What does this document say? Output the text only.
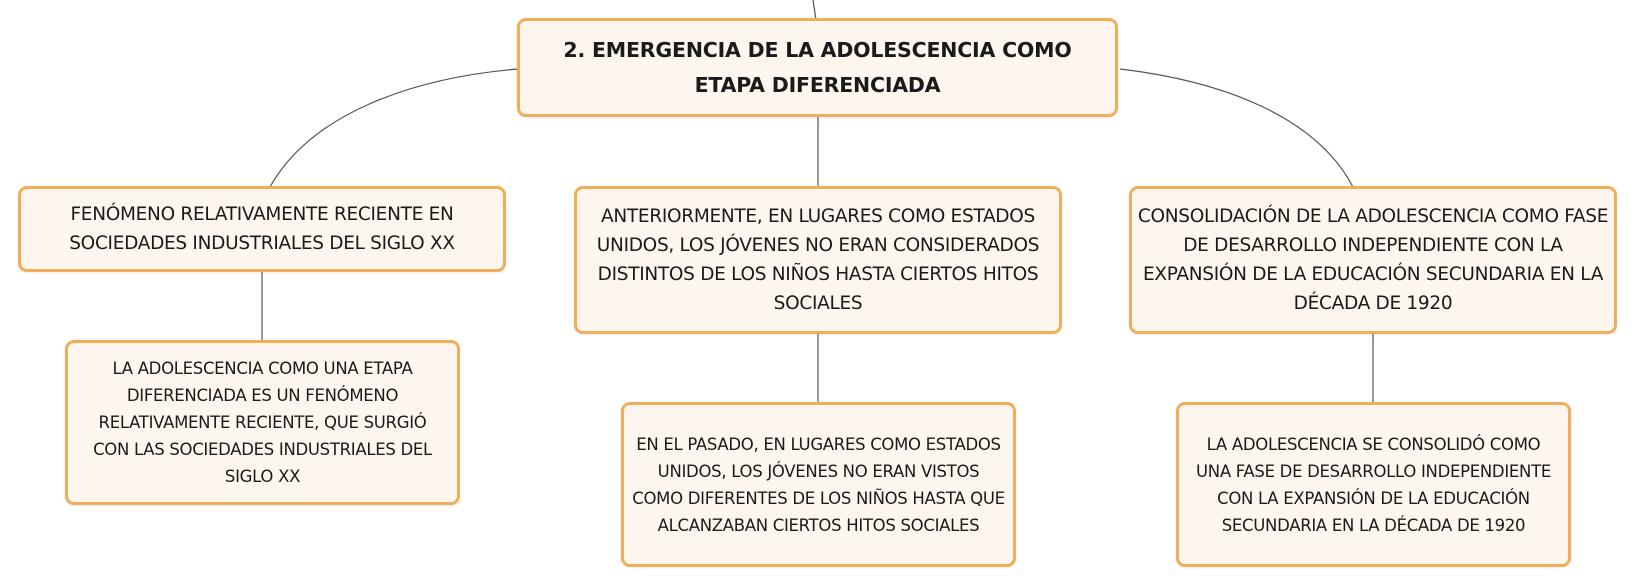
2. EMERGENCIA DE LA ADOLESCENCIA COMO ETAPA DIFERENCIADA
FENÓMENO RELATIVAMENTE RECIENTE EN SOCIEDADES INDUSTRIALES DEL SIGLO XX
ANTERIORMENTE, EN LUGARES COMO ESTADOS UNIDOS, LOS JÓVENES NO ERAN CONSIDERADOS DISTINTOS DE LOS NIÑOS HASTA CIERTOS HITOS SOCIALES
CONSOLIDACIÓN DE LA ADOLESCENCIA COMO FASE DE DESARROLLO INDEPENDIENTE CON LA EXPANSIÓN DE LA EDUCACIÓN SECUNDARIA EN LA DÉCADA DE 1920
LA ADOLESCENCIA COMO UNA ETAPA DIFERENCIADA ES UN FENÓMENO RELATIVAMENTE RECIENTE, QUE SURGIÓ CON LAS SOCIEDADES INDUSTRIALES DEL SIGLO XX
EN EL PASADO, EN LUGARES COMO ESTADOS UNIDOS, LOS JÓVENES NO ERAN VISTOS COMO DIFERENTES DE LOS NIÑOS HASTA QUE ALCANZABAN CIERTOS HITOS SOCIALES
LA ADOLESCENCIA SE CONSOLIDÓ COMO UNA FASE DE DESARROLLO INDEPENDIENTE CON LA EXPANSIÓN DE LA EDUCACIÓN SECUNDARIA EN LA DÉCADA DE 1920
